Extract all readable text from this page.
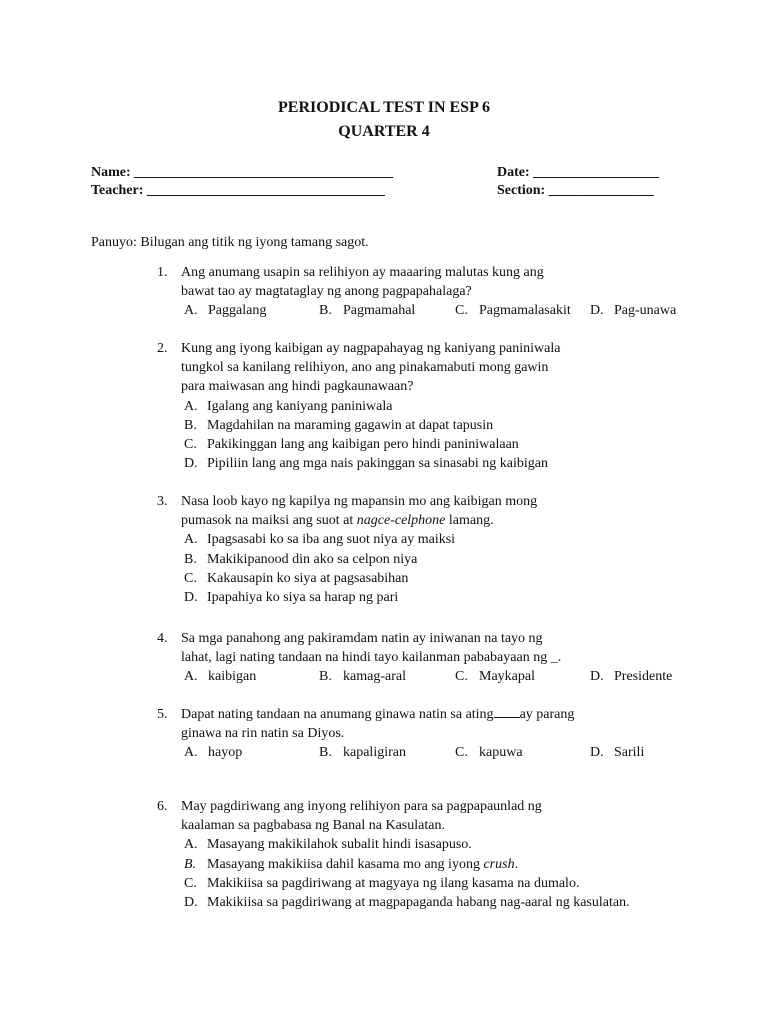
PERIODICAL TEST IN ESP 6
QUARTER 4

Name: _____________________________________

	Date: __________________

Teacher: __________________________________

	Section: _______________

Panuyo: Bilugan ang titik ng iyong tamang sagot.
1. Ang anumang usapin sa relihiyon ay maaaring malutas kung ang
bawat tao ay magtataglay ng anong pagpapahalaga?
A. Paggalang	B. Pagmamahal	C. Pagmamalasakit D. Pag-unawa
2. Kung ang iyong kaibigan ay nagpapahayag ng kaniyang paniniwala
tungkol sa kanilang relihiyon, ano ang pinakamabuti mong gawin
para maiwasan ang hindi pagkaunawaan?
A. Igalang ang kaniyang paniniwala
B. Magdahilan na maraming gagawin at dapat tapusin
C. Pakikinggan lang ang kaibigan pero hindi paniniwalaan
D. Pipiliin lang ang mga nais pakinggan sa sinasabi ng kaibigan
3. Nasa loob kayo ng kapilya ng mapansin mo ang kaibigan mong
pumasok na maiksi ang suot at nagce-celphone lamang.
A. Ipagsasabi ko sa iba ang suot niya ay maiksi
B. Makikipanood din ako sa celpon niya
C. Kakausapin ko siya at pagsasabihan
D. Ipapahiya ko siya sa harap ng pari
4. Sa mga panahong ang pakiramdam natin ay iniwanan na tayo ng
lahat, lagi nating tandaan na hindi tayo kailanman pababayaan ng _.
A. kaibigan	B. kamag-aral	C. Maykapal	D. Presidente
5. Dapat nating tandaan na anumang ginawa natin sa ating ay parang
ginawa na rin natin sa Diyos.
A. hayop	B. kapaligiran	C. kapuwa	D. Sarili
6. May pagdiriwang ang inyong relihiyon para sa pagpapaunlad ng
kaalaman sa pagbabasa ng Banal na Kasulatan.
A. Masayang makikilahok subalit hindi isasapuso.
B. Masayang makikiisa dahil kasama mo ang iyong crush.
C. Makikiisa sa pagdiriwang at magyaya ng ilang kasama na dumalo.
D. Makikiisa sa pagdiriwang at magpapaganda habang nag-aaral ng kasulatan.
